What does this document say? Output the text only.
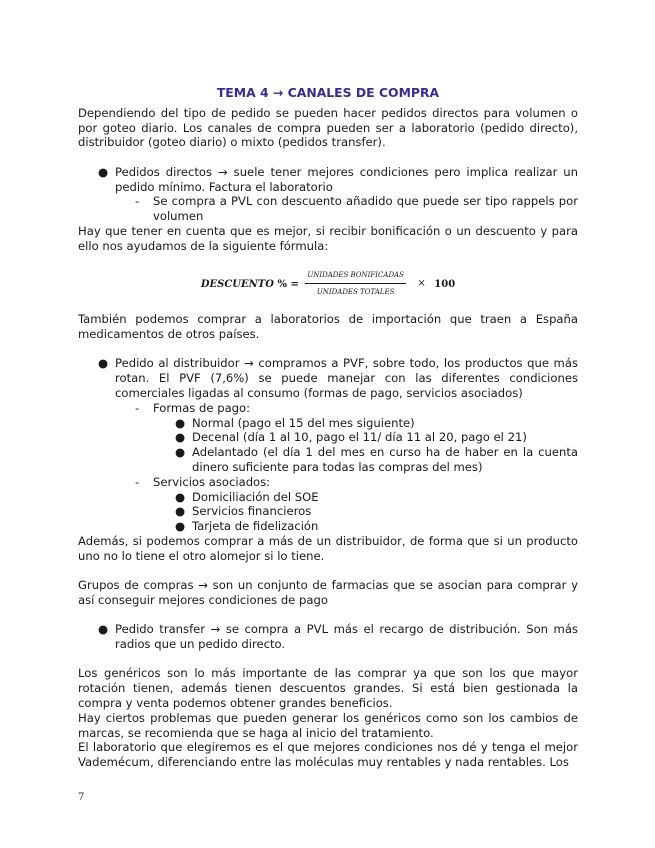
TEMA 4 → CANALES DE COMPRA

Dependiendo del tipo de pedido se pueden hacer pedidos directos para volumen o por goteo diario. Los canales de compra pueden ser a laboratorio (pedido directo), distribuidor (goteo diario) o mixto (pedidos transfer).

● Pedidos directos → suele tener mejores condiciones pero implica realizar un pedido mínimo. Factura el laboratorio
- Se compra a PVL con descuento añadido que puede ser tipo rappels por volumen

Hay que tener en cuenta que es mejor, si recibir bonificación o un descuento y para ello nos ayudamos de la siguiente fórmula:

DESCUENTO % = $\frac{\text{UNIDADES BONIFICADAS}}{\text{UNIDADES TOTALES}} \times 100$

También podemos comprar a laboratorios de importación que traen a España medicamentos de otros países.

● Pedido al distribuidor → compramos a PVF, sobre todo, los productos que más rotan. El PVF (7,6%) se puede manejar con las diferentes condiciones comerciales ligadas al consumo (formas de pago, servicios asociados)
- Formas de pago:
● Normal (pago el 15 del mes siguiente)
● Decenal (día 1 al 10, pago el 11/ día 11 al 20, pago el 21)
● Adelantado (el día 1 del mes en curso ha de haber en la cuenta dinero suficiente para todas las compras del mes)
- Servicios asociados:
● Domiciliación del SOE
● Servicios financieros
● Tarjeta de fidelización

Además, si podemos comprar a más de un distribuidor, de forma que si un producto uno no lo tiene el otro alomejor si lo tiene.

Grupos de compras → son un conjunto de farmacias que se asocian para comprar y así conseguir mejores condiciones de pago

● Pedido transfer → se compra a PVL más el recargo de distribución. Son más radios que un pedido directo.

Los genéricos son lo más importante de las comprar ya que son los que mayor rotación tienen, además tienen descuentos grandes. Si está bien gestionada la compra y venta podemos obtener grandes beneficios.

Hay ciertos problemas que pueden generar los genéricos como son los cambios de marcas, se recomienda que se haga al inicio del tratamiento.

El laboratorio que elegiremos es el que mejores condiciones nos dé y tenga el mejor Vademécum, diferenciando entre las moléculas muy rentables y nada rentables. Los

7
